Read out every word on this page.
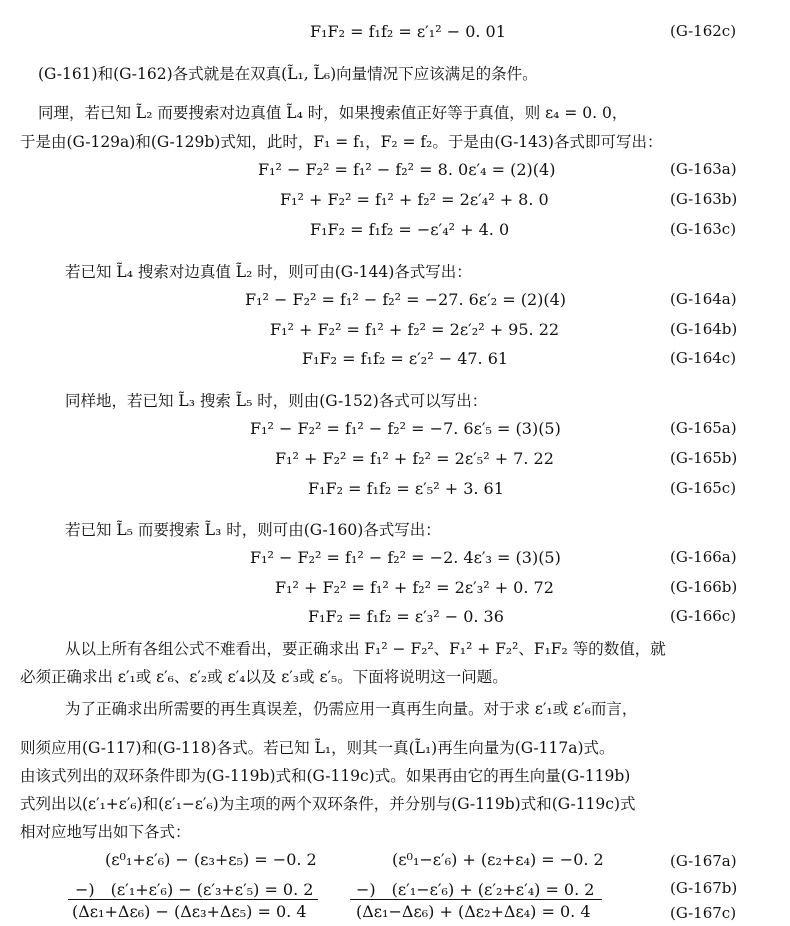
F₁F₂ = f₁f₂ = ε′₁² − 0. 01	(G-162c)
(G-161)和(G-162)各式就是在双真(L̃₁, L̃₆)向量情况下应该满足的条件。
同理，若已知 L̃₂ 而要搜索对边真值 L̃₄ 时，如果搜索值正好等于真值，则 ε₄ = 0. 0，
于是由(G-129a)和(G-129b)式知，此时，F₁ = f₁，F₂ = f₂。于是由(G-143)各式即可写出：
F₁² − F₂² = f₁² − f₂² = 8. 0ε′₄ = (2)(4)	(G-163a)
F₁² + F₂² = f₁² + f₂² = 2ε′₄² + 8. 0	(G-163b)
F₁F₂ = f₁f₂ = −ε′₄² + 4. 0	(G-163c)
若已知 L̃₄ 搜索对边真值 L̃₂ 时，则可由(G-144)各式写出：
F₁² − F₂² = f₁² − f₂² = −27. 6ε′₂ = (2)(4)	(G-164a)
F₁² + F₂² = f₁² + f₂² = 2ε′₂² + 95. 22	(G-164b)
F₁F₂ = f₁f₂ = ε′₂² − 47. 61	(G-164c)
同样地，若已知 L̃₃ 搜索 L̃₅ 时，则由(G-152)各式可以写出：
F₁² − F₂² = f₁² − f₂² = −7. 6ε′₅ = (3)(5)	(G-165a)
F₁² + F₂² = f₁² + f₂² = 2ε′₅² + 7. 22	(G-165b)
F₁F₂ = f₁f₂ = ε′₅² + 3. 61	(G-165c)
若已知 L̃₅ 而要搜索 L̃₃ 时，则可由(G-160)各式写出：
F₁² − F₂² = f₁² − f₂² = −2. 4ε′₃ = (3)(5)	(G-166a)
F₁² + F₂² = f₁² + f₂² = 2ε′₃² + 0. 72	(G-166b)
F₁F₂ = f₁f₂ = ε′₃² − 0. 36	(G-166c)
从以上所有各组公式不难看出，要正确求出 F₁² − F₂²、F₁² + F₂²、F₁F₂ 等的数值，就
必须正确求出 ε′₁或 ε′₆、ε′₂或 ε′₄以及 ε′₃或 ε′₅。下面将说明这一问题。
为了正确求出所需要的再生真误差，仍需应用一真再生向量。对于求 ε′₁或 ε′₆而言，
则须应用(G-117)和(G-118)各式。若已知 L̃₁，则其一真(L̃₁)再生向量为(G-117a)式。
由该式列出的双环条件即为(G-119b)式和(G-119c)式。如果再由它的再生向量(G-119b)
式列出以(ε′₁+ε′₆)和(ε′₁−ε′₆)为主项的两个双环条件，并分别与(G-119b)式和(G-119c)式
相对应地写出如下各式：
(ε⁰₁+ε′₆) − (ε₃+ε₅) = −0. 2	(ε⁰₁−ε′₆) + (ε₂+ε₄) = −0. 2	(G-167a)
−)　(ε′₁+ε′₆) − (ε′₃+ε′₅) = 0. 2	−)　(ε′₁−ε′₆) + (ε′₂+ε′₄) = 0. 2	(G-167b)
(Δε₁+Δε₆) − (Δε₃+Δε₅) = 0. 4	(Δε₁−Δε₆) + (Δε₂+Δε₄) = 0. 4	(G-167c)
